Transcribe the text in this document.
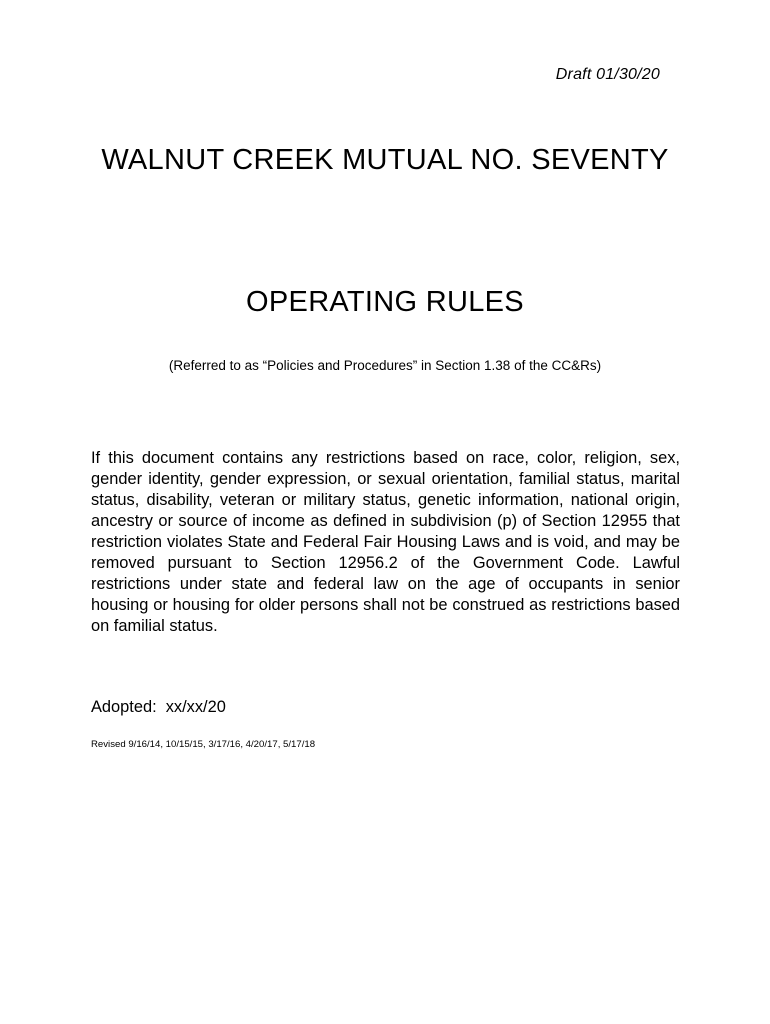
Draft 01/30/20
WALNUT CREEK MUTUAL NO. SEVENTY
OPERATING RULES
(Referred to as “Policies and Procedures” in Section 1.38 of the CC&Rs)

If this document contains any restrictions based on race, color, religion, sex, gender identity, gender expression, or sexual orientation, familial status, marital status, disability, veteran or military status, genetic information, national origin, ancestry or source of income as defined in subdivision (p) of Section 12955 that restriction violates State and Federal Fair Housing Laws and is void, and may be removed pursuant to Section 12956.2 of the Government Code. Lawful restrictions under state and federal law on the age of occupants in senior housing or housing for older persons shall not be construed as restrictions based on familial status.

Adopted:  xx/xx/20
Revised 9/16/14, 10/15/15, 3/17/16, 4/20/17, 5/17/18
